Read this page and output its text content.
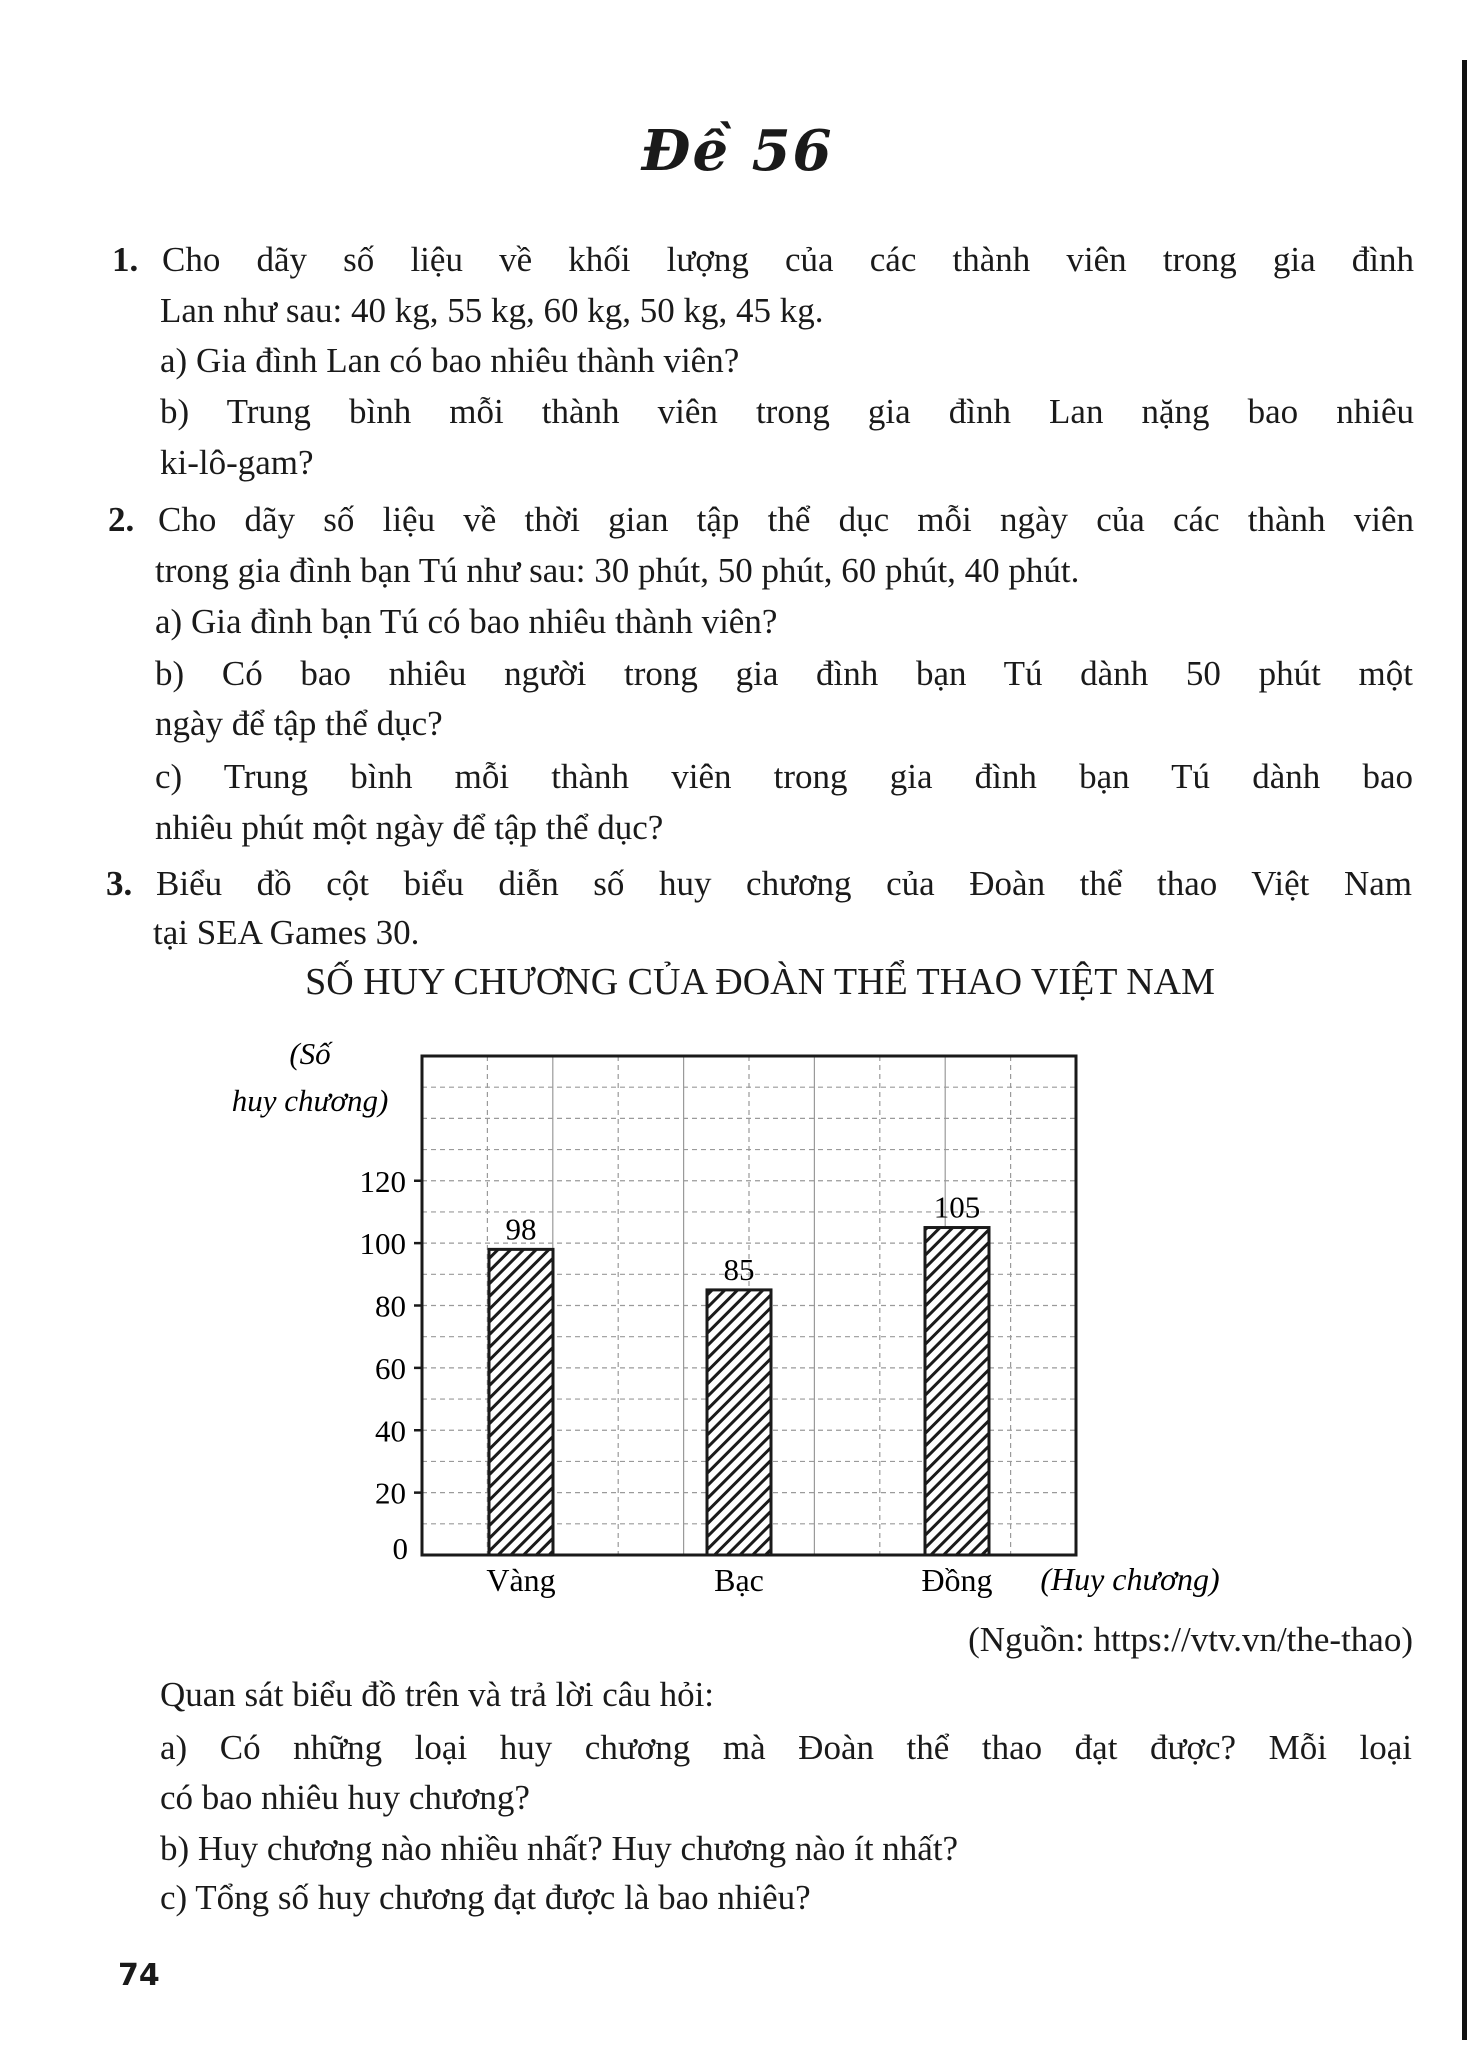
Đề 56
1. Cho dãy số liệu về khối lượng của các thành viên trong gia đình
Lan như sau: 40 kg, 55 kg, 60 kg, 50 kg, 45 kg.
a) Gia đình Lan có bao nhiêu thành viên?
b) Trung bình mỗi thành viên trong gia đình Lan nặng bao nhiêu
ki-lô-gam?
2. Cho dãy số liệu về thời gian tập thể dục mỗi ngày của các thành viên
trong gia đình bạn Tú như sau: 30 phút, 50 phút, 60 phút, 40 phút.
a) Gia đình bạn Tú có bao nhiêu thành viên?
b) Có bao nhiêu người trong gia đình bạn Tú dành 50 phút một
ngày để tập thể dục?
c) Trung bình mỗi thành viên trong gia đình bạn Tú dành bao
nhiêu phút một ngày để tập thể dục?
3. Biểu đồ cột biểu diễn số huy chương của Đoàn thể thao Việt Nam
tại SEA Games 30.
SỐ HUY CHƯƠNG CỦA ĐOÀN THỂ THAO VIỆT NAM
(Số
huy chương)
0
20
40
60
80
100
120
98
Vàng
85
Bạc
105
Đồng (Huy chương)
(Nguồn: https://vtv.vn/the-thao)
Quan sát biểu đồ trên và trả lời câu hỏi:
a) Có những loại huy chương mà Đoàn thể thao đạt được? Mỗi loại
có bao nhiêu huy chương?
b) Huy chương nào nhiều nhất? Huy chương nào ít nhất?
c) Tổng số huy chương đạt được là bao nhiêu?
74
